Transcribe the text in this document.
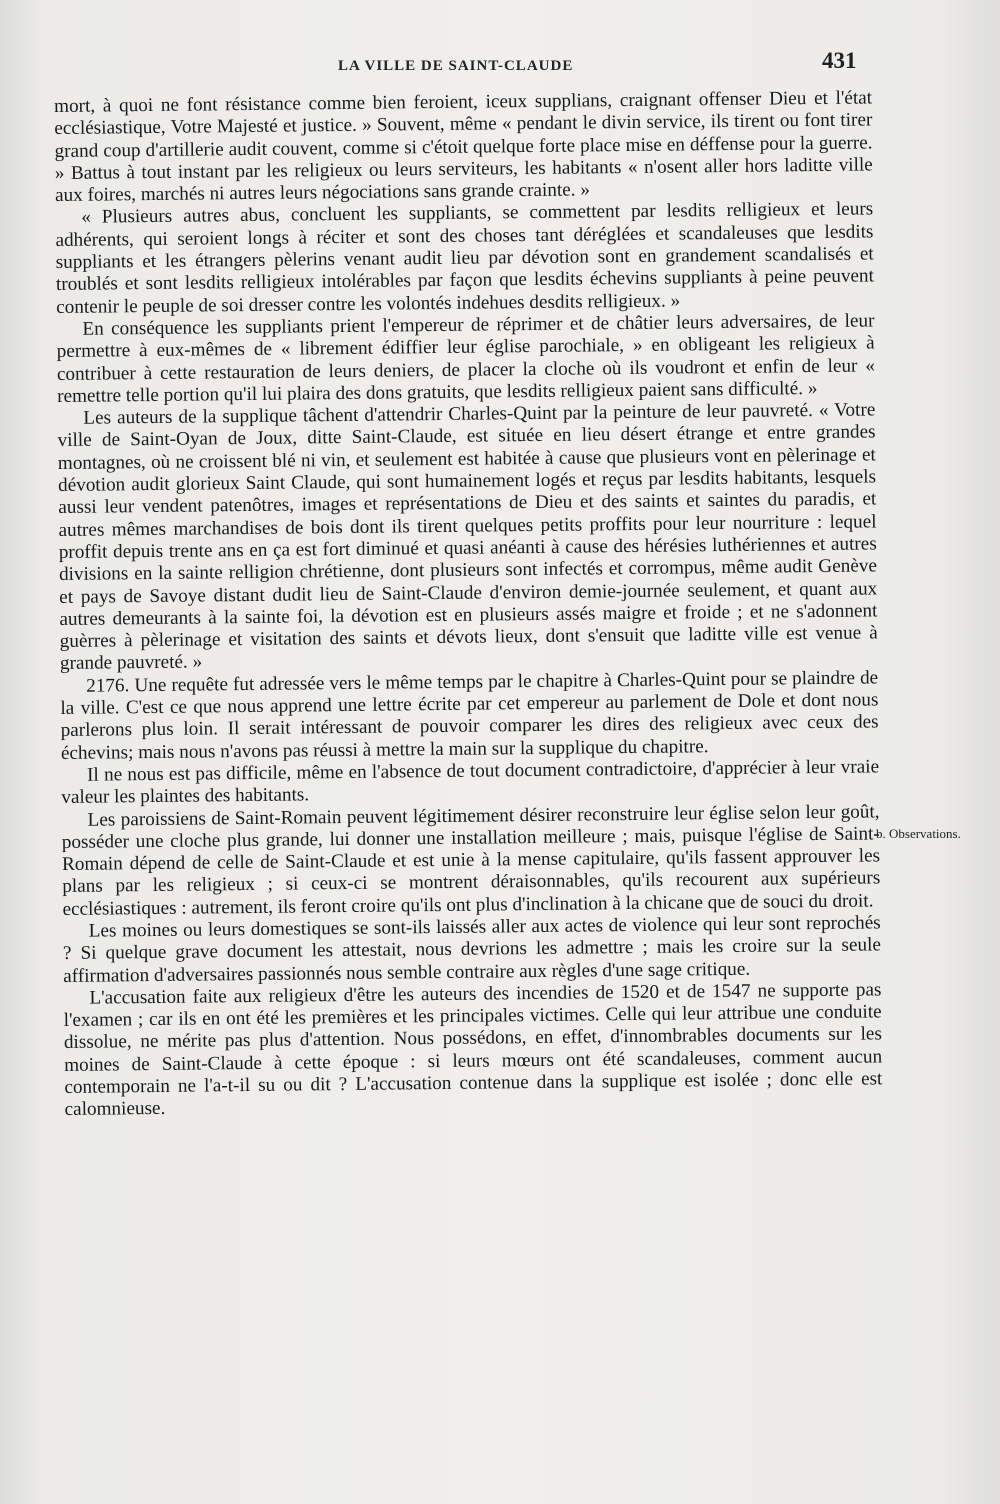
LA VILLE DE SAINT-CLAUDE	431

mort, à quoi ne font résistance comme bien feroient, iceux supplians, craignant offenser Dieu et l'état ecclésiastique, Votre Majesté et justice. » Souvent, même « pendant le divin service, ils tirent ou font tirer grand coup d'artillerie audit couvent, comme si c'étoit quelque forte place mise en déffense pour la guerre. » Battus à tout instant par les religieux ou leurs serviteurs, les habitants « n'osent aller hors laditte ville aux foires, marchés ni autres leurs négociations sans grande crainte. »

« Plusieurs autres abus, concluent les suppliants, se commettent par lesdits relligieux et leurs adhérents, qui seroient longs à réciter et sont des choses tant déréglées et scandaleuses que lesdits suppliants et les étrangers pèlerins venant audit lieu par dévotion sont en grandement scandalisés et troublés et sont lesdits relligieux intolérables par façon que lesdits échevins suppliants à peine peuvent contenir le peuple de soi dresser contre les volontés indehues desdits relligieux. »

En conséquence les suppliants prient l'empereur de réprimer et de châtier leurs adversaires, de leur permettre à eux-mêmes de « librement édiffier leur église parochiale, » en obligeant les religieux à contribuer à cette restauration de leurs deniers, de placer la cloche où ils voudront et enfin de leur « remettre telle portion qu'il lui plaira des dons gratuits, que lesdits relligieux paient sans difficulté. »

Les auteurs de la supplique tâchent d'attendrir Charles-Quint par la peinture de leur pauvreté. « Votre ville de Saint-Oyan de Joux, ditte Saint-Claude, est située en lieu désert étrange et entre grandes montagnes, où ne croissent blé ni vin, et seulement est habitée à cause que plusieurs vont en pèlerinage et dévotion audit glorieux Saint Claude, qui sont humainement logés et reçus par lesdits habitants, lesquels aussi leur vendent patenôtres, images et représentations de Dieu et des saints et saintes du paradis, et autres mêmes marchandises de bois dont ils tirent quelques petits proffits pour leur nourriture : lequel proffit depuis trente ans en ça est fort diminué et quasi anéanti à cause des hérésies luthériennes et autres divisions en la sainte relligion chrétienne, dont plusieurs sont infectés et corrompus, même audit Genève et pays de Savoye distant dudit lieu de Saint-Claude d'environ demie-journée seulement, et quant aux autres demeurants à la sainte foi, la dévotion est en plusieurs assés maigre et froide ; et ne s'adonnent guèrres à pèlerinage et visitation des saints et dévots lieux, dont s'ensuit que laditte ville est venue à grande pauvreté. »

2176. Une requête fut adressée vers le même temps par le chapitre à Charles-Quint pour se plaindre de la ville. C'est ce que nous apprend une lettre écrite par cet empereur au parlement de Dole et dont nous parlerons plus loin. Il serait intéressant de pouvoir comparer les dires des religieux avec ceux des échevins; mais nous n'avons pas réussi à mettre la main sur la supplique du chapitre.

Il ne nous est pas difficile, même en l'absence de tout document contradictoire, d'apprécier à leur vraie valeur les plaintes des habitants.

Les paroissiens de Saint-Romain peuvent légitimement désirer reconstruire leur église selon leur goût, posséder une cloche plus grande, lui donner une installation meilleure ; mais, puisque l'église de Saint-Romain dépend de celle de Saint-Claude et est unie à la mense capitulaire, qu'ils fassent approuver les plans par les religieux ; si ceux-ci se montrent déraisonnables, qu'ils recourent aux supérieurs ecclésiastiques : autrement, ils feront croire qu'ils ont plus d'inclination à la chicane que de souci du droit.

Les moines ou leurs domestiques se sont-ils laissés aller aux actes de violence qui leur sont reprochés ? Si quelque grave document les attestait, nous devrions les admettre ; mais les croire sur la seule affirmation d'adversaires passionnés nous semble contraire aux règles d'une sage critique.

L'accusation faite aux religieux d'être les auteurs des incendies de 1520 et de 1547 ne supporte pas l'examen ; car ils en ont été les premières et les principales victimes. Celle qui leur attribue une conduite dissolue, ne mérite pas plus d'attention. Nous possédons, en effet, d'innombrables documents sur les moines de Saint-Claude à cette époque : si leurs mœurs ont été scandaleuses, comment aucun contemporain ne l'a-t-il su ou dit ? L'accusation contenue dans la supplique est isolée ; donc elle est calomnieuse.

b. Observations.
